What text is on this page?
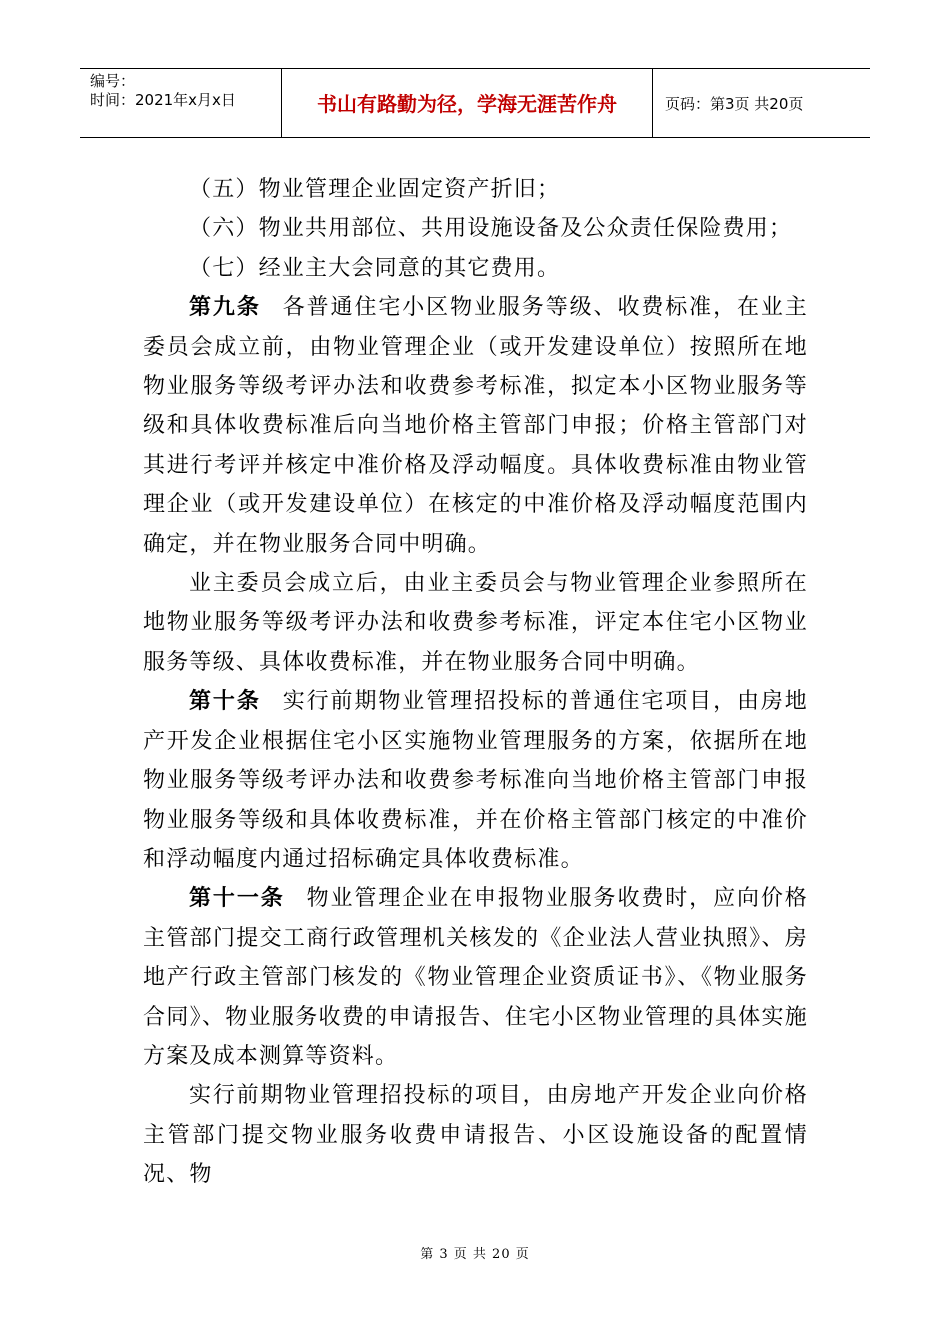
编号：
时间：2021年x月x日	书山有路勤为径，学海无涯苦作舟	页码：第3页 共20页

（五）物业管理企业固定资产折旧；

（六）物业共用部位、共用设施设备及公众责任保险费用；

（七）经业主大会同意的其它费用。

第九条 各普通住宅小区物业服务等级、收费标准，在业主委员会成立前，由物业管理企业（或开发建设单位）按照所在地物业服务等级考评办法和收费参考标准，拟定本小区物业服务等级和具体收费标准后向当地价格主管部门申报；价格主管部门对其进行考评并核定中准价格及浮动幅度。具体收费标准由物业管理企业（或开发建设单位）在核定的中准价格及浮动幅度范围内确定，并在物业服务合同中明确。

业主委员会成立后，由业主委员会与物业管理企业参照所在地物业服务等级考评办法和收费参考标准，评定本住宅小区物业服务等级、具体收费标准，并在物业服务合同中明确。

第十条 实行前期物业管理招投标的普通住宅项目，由房地产开发企业根据住宅小区实施物业管理服务的方案，依据所在地物业服务等级考评办法和收费参考标准向当地价格主管部门申报物业服务等级和具体收费标准，并在价格主管部门核定的中准价和浮动幅度内通过招标确定具体收费标准。

第十一条 物业管理企业在申报物业服务收费时，应向价格主管部门提交工商行政管理机关核发的《企业法人营业执照》、房地产行政主管部门核发的《物业管理企业资质证书》、《物业服务合同》、物业服务收费的申请报告、住宅小区物业管理的具体实施方案及成本测算等资料。

实行前期物业管理招投标的项目，由房地产开发企业向价格主管部门提交物业服务收费申请报告、小区设施设备的配置情况、物

第 3 页 共 20 页
